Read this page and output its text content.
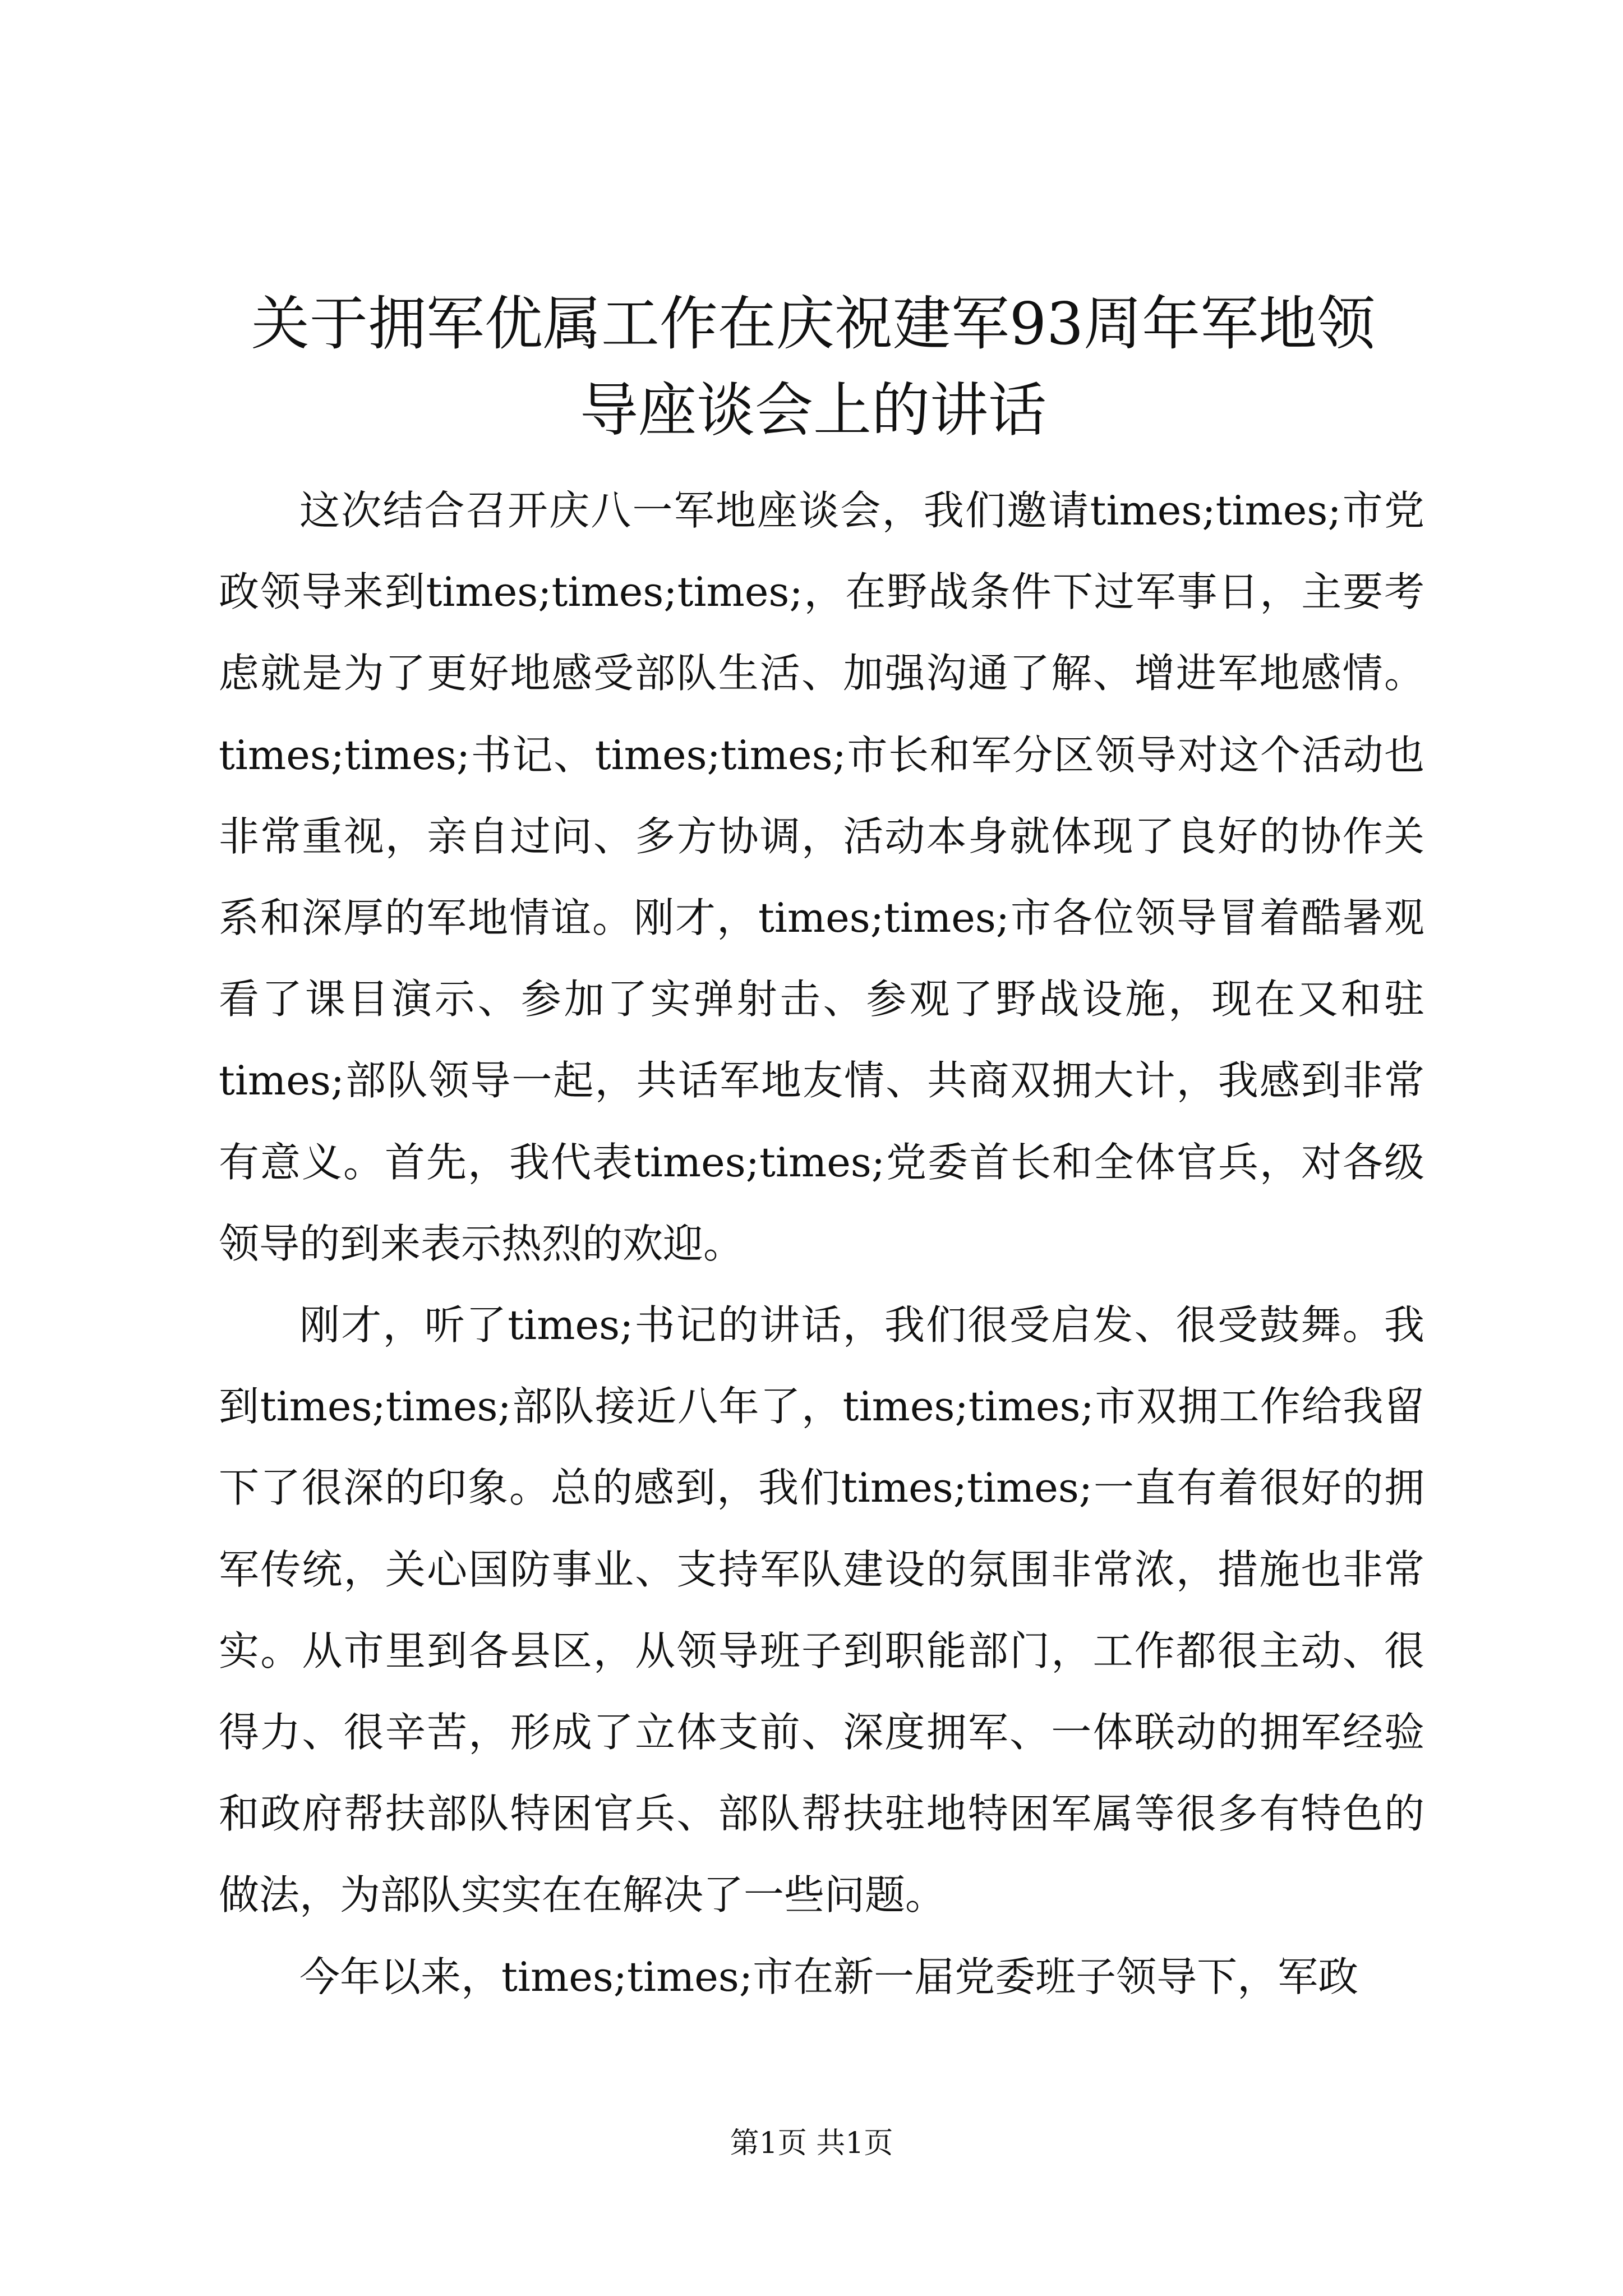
关于拥军优属工作在庆祝建军93周年军地领
导座谈会上的讲话

这次结合召开庆八一军地座谈会，我们邀请times;times;市党政领导来到times;times;times;，在野战条件下过军事日，主要考虑就是为了更好地感受部队生活、加强沟通了解、增进军地感情。times;times;书记、times;times;市长和军分区领导对这个活动也非常重视，亲自过问、多方协调，活动本身就体现了良好的协作关系和深厚的军地情谊。刚才，times;times;市各位领导冒着酷暑观看了课目演示、参加了实弹射击、参观了野战设施，现在又和驻times;部队领导一起，共话军地友情、共商双拥大计，我感到非常有意义。首先，我代表times;times;党委首长和全体官兵，对各级领导的到来表示热烈的欢迎。

刚才，听了times;书记的讲话，我们很受启发、很受鼓舞。我到times;times;部队接近八年了，times;times;市双拥工作给我留下了很深的印象。总的感到，我们times;times;一直有着很好的拥军传统，关心国防事业、支持军队建设的氛围非常浓，措施也非常实。从市里到各县区，从领导班子到职能部门，工作都很主动、很得力、很辛苦，形成了立体支前、深度拥军、一体联动的拥军经验和政府帮扶部队特困官兵、部队帮扶驻地特困军属等很多有特色的做法，为部队实实在在解决了一些问题。

今年以来，times;times;市在新一届党委班子领导下，军政

第1页 共1页
